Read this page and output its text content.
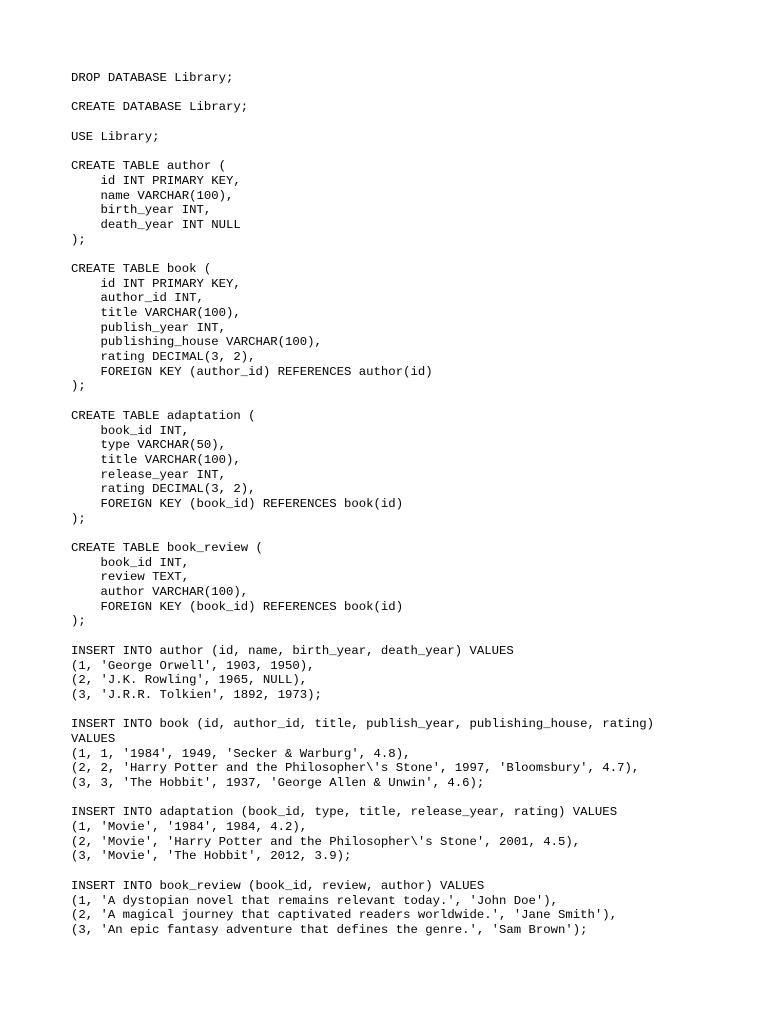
DROP DATABASE Library;
CREATE DATABASE Library;
USE Library;
CREATE TABLE author (
id INT PRIMARY KEY,
name VARCHAR(100),
birth_year INT,
death_year INT NULL
);
CREATE TABLE book (
id INT PRIMARY KEY,
author_id INT,
title VARCHAR(100),
publish_year INT,
publishing_house VARCHAR(100),
rating DECIMAL(3, 2),
FOREIGN KEY (author_id) REFERENCES author(id)
);
CREATE TABLE adaptation (
book_id INT,
type VARCHAR(50),
title VARCHAR(100),
release_year INT,
rating DECIMAL(3, 2),
FOREIGN KEY (book_id) REFERENCES book(id)
);
CREATE TABLE book_review (
book_id INT,
review TEXT,
author VARCHAR(100),
FOREIGN KEY (book_id) REFERENCES book(id)
);
INSERT INTO author (id, name, birth_year, death_year) VALUES
(1, 'George Orwell', 1903, 1950),
(2, 'J.K. Rowling', 1965, NULL),
(3, 'J.R.R. Tolkien', 1892, 1973);
INSERT INTO book (id, author_id, title, publish_year, publishing_house, rating)
VALUES
(1, 1, '1984', 1949, 'Secker & Warburg', 4.8),
(2, 2, 'Harry Potter and the Philosopher\'s Stone', 1997, 'Bloomsbury', 4.7),
(3, 3, 'The Hobbit', 1937, 'George Allen & Unwin', 4.6);
INSERT INTO adaptation (book_id, type, title, release_year, rating) VALUES
(1, 'Movie', '1984', 1984, 4.2),
(2, 'Movie', 'Harry Potter and the Philosopher\'s Stone', 2001, 4.5),
(3, 'Movie', 'The Hobbit', 2012, 3.9);
INSERT INTO book_review (book_id, review, author) VALUES
(1, 'A dystopian novel that remains relevant today.', 'John Doe'),
(2, 'A magical journey that captivated readers worldwide.', 'Jane Smith'),
(3, 'An epic fantasy adventure that defines the genre.', 'Sam Brown');
